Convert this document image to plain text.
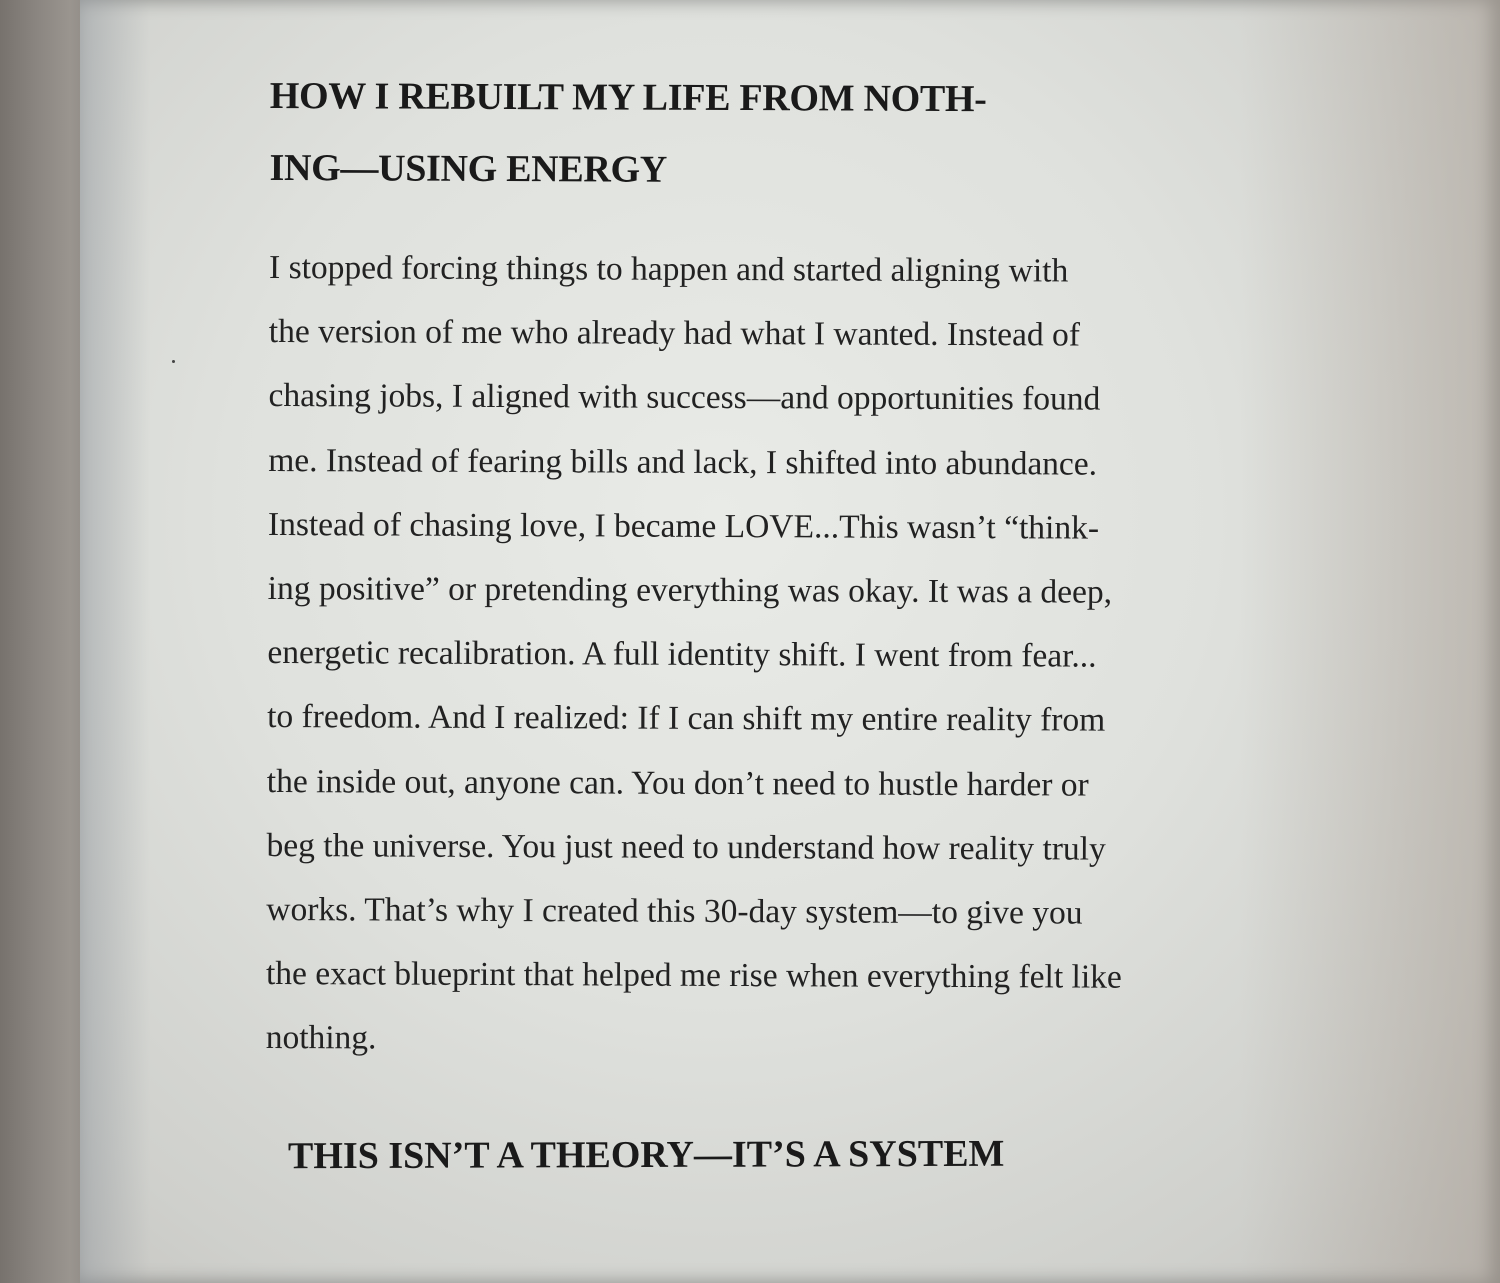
HOW I REBUILT MY LIFE FROM NOTH-
ING—USING ENERGY

I stopped forcing things to happen and started aligning with
the version of me who already had what I wanted. Instead of
chasing jobs, I aligned with success—and opportunities found
me. Instead of fearing bills and lack, I shifted into abundance.
Instead of chasing love, I became LOVE...This wasn’t “think-
ing positive” or pretending everything was okay. It was a deep,
energetic recalibration. A full identity shift. I went from fear...
to freedom. And I realized: If I can shift my entire reality from
the inside out, anyone can. You don’t need to hustle harder or
beg the universe. You just need to understand how reality truly
works. That’s why I created this 30-day system—to give you
the exact blueprint that helped me rise when everything felt like
nothing.

THIS ISN’T A THEORY—IT’S A SYSTEM
